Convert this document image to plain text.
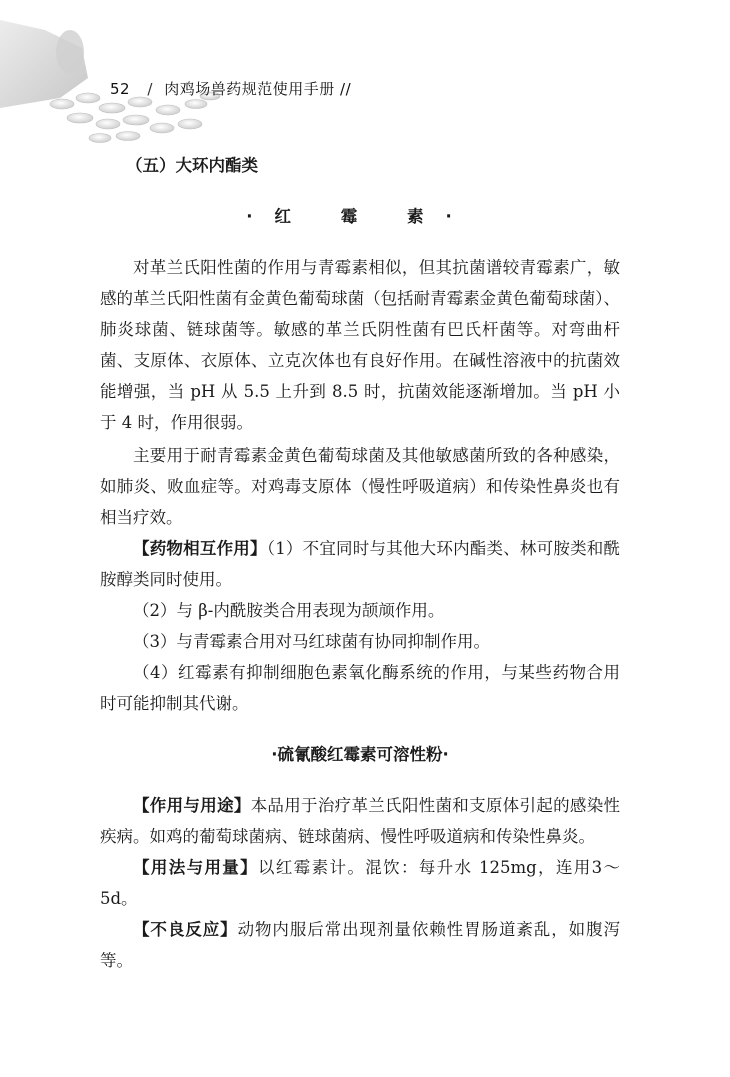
52 / 肉鸡场兽药规范使用手册 //
（五）大环内酯类
·红 霉 素·

对革兰氏阳性菌的作用与青霉素相似，但其抗菌谱较青霉素广，敏感的革兰氏阳性菌有金黄色葡萄球菌（包括耐青霉素金黄色葡萄球菌）、肺炎球菌、链球菌等。敏感的革兰氏阴性菌有巴氏杆菌等。对弯曲杆菌、支原体、衣原体、立克次体也有良好作用。在碱性溶液中的抗菌效能增强，当 pH 从 5.5 上升到 8.5 时，抗菌效能逐渐增加。当 pH 小于 4 时，作用很弱。

主要用于耐青霉素金黄色葡萄球菌及其他敏感菌所致的各种感染，如肺炎、败血症等。对鸡毒支原体（慢性呼吸道病）和传染性鼻炎也有相当疗效。

【药物相互作用】（1）不宜同时与其他大环内酯类、林可胺类和酰胺醇类同时使用。

（2）与 β-内酰胺类合用表现为颉颃作用。

（3）与青霉素合用对马红球菌有协同抑制作用。

（4）红霉素有抑制细胞色素氧化酶系统的作用，与某些药物合用时可能抑制其代谢。

·硫氰酸红霉素可溶性粉·

【作用与用途】本品用于治疗革兰氏阳性菌和支原体引起的感染性疾病。如鸡的葡萄球菌病、链球菌病、慢性呼吸道病和传染性鼻炎。

【用法与用量】以红霉素计。混饮：每升水 125mg，连用3～5d。

【不良反应】动物内服后常出现剂量依赖性胃肠道紊乱，如腹泻等。
